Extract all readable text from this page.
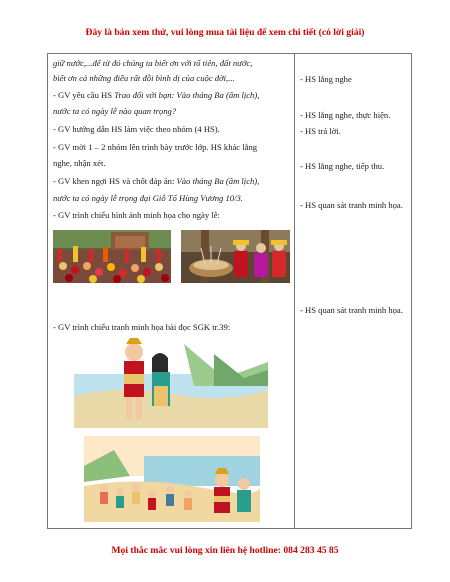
Đây là bản xem thử, vui lòng mua tài liệu để xem chi tiết (có lời giải)
giữ nước,...để từ đó chúng ta biết ơn với tổ tiên, đất nước,
biết ơn cả những điều rất đỗi bình dị của cuộc đời,...
- GV yêu cầu HS Trao đổi với bạn: Vào tháng Ba (âm lịch),
nước ta có ngày lễ nào quan trọng?
- GV hướng dẫn HS làm việc theo nhóm (4 HS).
- GV mời 1 – 2 nhóm lên trình bày trước lớp. HS khác lắng
nghe, nhận xét.
- GV khen ngợi HS và chốt đáp án: Vào tháng Ba (âm lịch),
nước ta có ngày lễ trọng đại Giỗ Tổ Hùng Vương 10/3.
- GV trình chiếu hình ảnh minh họa cho ngày lễ:
- GV trình chiếu tranh minh họa bài đọc SGK tr.39:
- HS lắng nghe
- HS lắng nghe, thực hiện.
- HS trả lời.
- HS lắng nghe, tiếp thu.
- HS quan sát tranh minh họa.
- HS quan sát tranh minh họa.
Mọi thắc mắc vui lòng xin liên hệ hotline: 084 283 45 85
